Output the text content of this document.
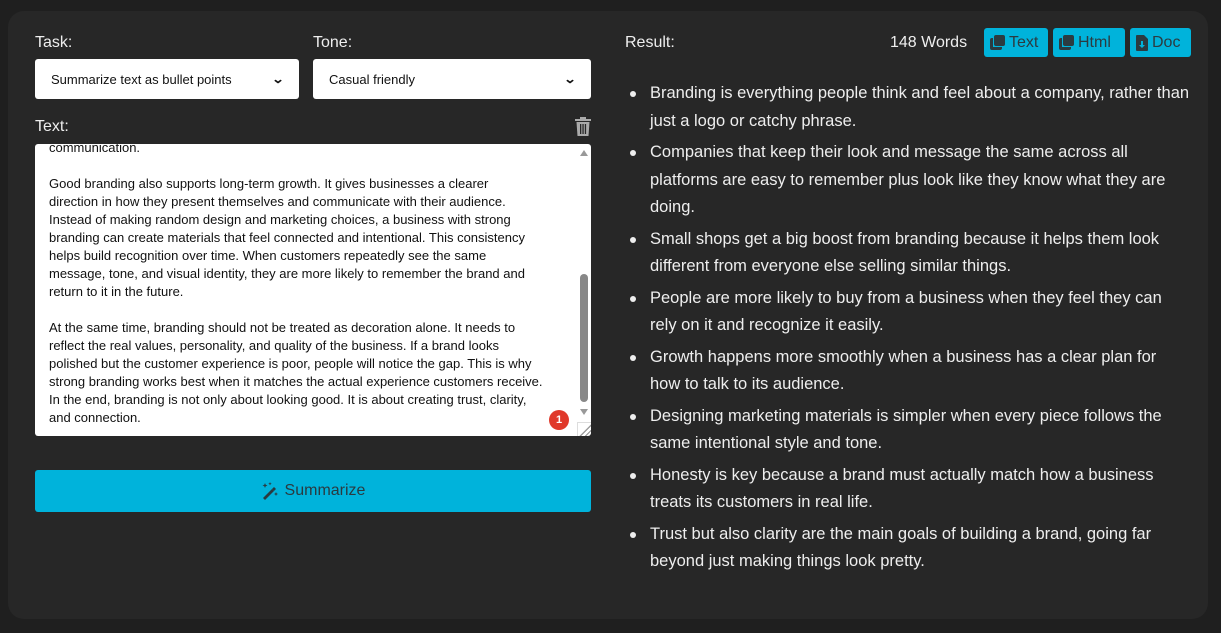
Task:
Summarize text as bullet points	⌄
Tone:
Casual friendly	⌄
Text:
communication.
Good branding also supports long-term growth. It gives businesses a clearer
direction in how they present themselves and communicate with their audience.
Instead of making random design and marketing choices, a business with strong
branding can create materials that feel connected and intentional. This consistency
helps build recognition over time. When customers repeatedly see the same
message, tone, and visual identity, they are more likely to remember the brand and
return to it in the future.
At the same time, branding should not be treated as decoration alone. It needs to
reflect the real values, personality, and quality of the business. If a brand looks
polished but the customer experience is poor, people will notice the gap. This is why
strong branding works best when it matches the actual experience customers receive.
In the end, branding is not only about looking good. It is about creating trust, clarity,
and connection.	1
Summarize
Result:	148 Words	Text Html	Doc
Branding is everything people think and feel about a company, rather than just a logo or catchy phrase.
Companies that keep their look and message the same across all platforms are easy to remember plus look like they know what they are doing.
Small shops get a big boost from branding because it helps them look different from everyone else selling similar things.
People are more likely to buy from a business when they feel they can rely on it and recognize it easily.
Growth happens more smoothly when a business has a clear plan for how to talk to its audience.
Designing marketing materials is simpler when every piece follows the same intentional style and tone.
Honesty is key because a brand must actually match how a business treats its customers in real life.
Trust but also clarity are the main goals of building a brand, going far beyond just making things look pretty.
